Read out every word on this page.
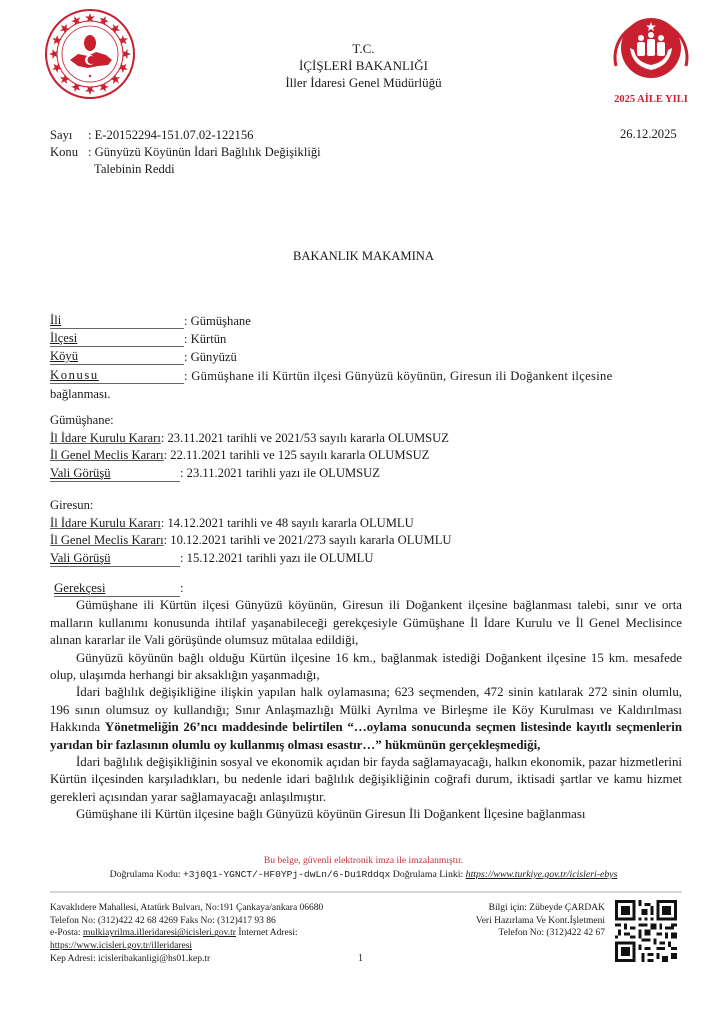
2025 AİLE YILI
T.C.
İÇİŞLERİ BAKANLIĞI
İller İdaresi Genel Müdürlüğü
Sayı	: E-20152294-151.07.02-122156
Konu : Günyüzü Köyünün İdari Bağlılık Değişikliği
Talebinin Reddi
26.12.2025
BAKANLIK MAKAMINA
İli	: Gümüşhane
İlçesi	: Kürtün
Köyü	: Günyüzü
Konusu	: Gümüşhane ili Kürtün ilçesi Günyüzü köyünün, Giresun ili Doğankent ilçesine
bağlanması.
Gümüşhane:
İl İdare Kurulu Kararı: 23.11.2021 tarihli ve 2021/53 sayılı kararla OLUMSUZ
İl Genel Meclis Kararı: 22.11.2021 tarihli ve 125 sayılı kararla OLUMSUZ
Vali Görüşü	: 23.11.2021 tarihli yazı ile OLUMSUZ
Giresun:
İl İdare Kurulu Kararı: 14.12.2021 tarihli ve 48 sayılı kararla OLUMLU
İl Genel Meclis Kararı: 10.12.2021 tarihli ve 2021/273 sayılı kararla OLUMLU
Vali Görüşü	: 15.12.2021 tarihli yazı ile OLUMLU
Gerekçesi	:

Gümüşhane ili Kürtün ilçesi Günyüzü köyünün, Giresun ili Doğankent ilçesine bağlanması talebi, sınır ve orta malların kullanımı konusunda ihtilaf yaşanabileceği gerekçesiyle Gümüşhane İl İdare Kurulu ve İl Genel Meclisince alınan kararlar ile Vali görüşünde olumsuz mütalaa edildiği,

Günyüzü köyünün bağlı olduğu Kürtün ilçesine 16 km., bağlanmak istediği Doğankent ilçesine 15 km. mesafede olup, ulaşımda herhangi bir aksaklığın yaşanmadığı,

İdari bağlılık değişikliğine ilişkin yapılan halk oylamasına; 623 seçmenden, 472 sinin katılarak 272 sinin olumlu, 196 sının olumsuz oy kullandığı; Sınır Anlaşmazlığı Mülki Ayrılma ve Birleşme ile Köy Kurulması ve Kaldırılması Hakkında Yönetmeliğin 26’ncı maddesinde belirtilen “…oylama sonucunda seçmen listesinde kayıtlı seçmenlerin yarıdan bir fazlasının olumlu oy kullanmış olması esastır…” hükmünün gerçekleşmediği,

İdari bağlılık değişikliğinin sosyal ve ekonomik açıdan bir fayda sağlamayacağı, halkın ekonomik, pazar hizmetlerini Kürtün ilçesinden karşıladıkları, bu nedenle idari bağlılık değişikliğinin coğrafi durum, iktisadi şartlar ve kamu hizmet gerekleri açısından yarar sağlamayacağı anlaşılmıştır.

Gümüşhane ili Kürtün ilçesine bağlı Günyüzü köyünün Giresun İli Doğankent İlçesine bağlanması

Bu belge, güvenli elektronik imza ile imzalanmıştır.
Doğrulama Kodu: +3j0Q1-YGNCT/-HF0YPj-dwLn/6-Du1Rddqx Doğrulama Linki: https://www.turkiye.gov.tr/icisleri-ebys
Kavaklıdere Mahallesi, Atatürk Bulvarı, No:191 Çankaya/ankara 06680
Telefon No: (312)422 42 68 4269 Faks No: (312)417 93 86
e-Posta: mulkiayrilma.illeridaresi@icisleri.gov.tr İnternet Adresi:
https://www.icisleri.gov.tr/illeridaresi
Kep Adresi: icisleribakanligi@hs01.kep.tr	1
Bilgi için: Zübeyde ÇARDAK
Veri Hazırlama Ve Kont.İşletmeni
Telefon No: (312)422 42 67
